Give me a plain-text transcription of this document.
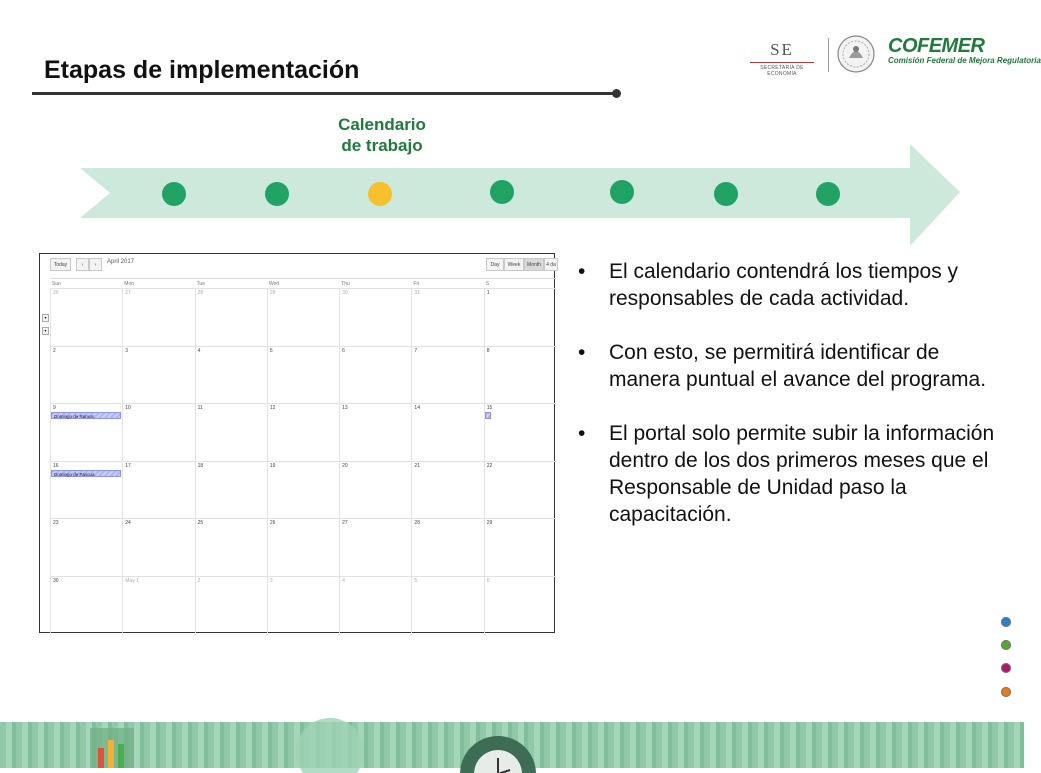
Etapas de implementación
SE
SECRETARÍA DE ECONOMÍA
COFEMER
Comisión Federal de Mejora Regulatoria
Calendario
de trabajo
Today	‹	›	April 2017	Day	Week	Month	4 da
▾
▾
Sun	Mon	Tue	Wed	Thu	Fri	S
26	27	28	29	30	31	1
2	3	4	5	6	7	8
9	10	11	12	13	14	15
16	17	18	19	20	21	22
23	24	25	26	27	28	29
30	May 1	2	3	4	5	6
Domingo de Ramos
Domingo de Pascua
• El calendario contendrá los tiempos y responsables de cada actividad.
• Con esto, se permitirá identificar de manera puntual el avance del programa.
• El portal solo permite subir la información dentro de los dos primeros meses que el Responsable de Unidad paso la capacitación.
